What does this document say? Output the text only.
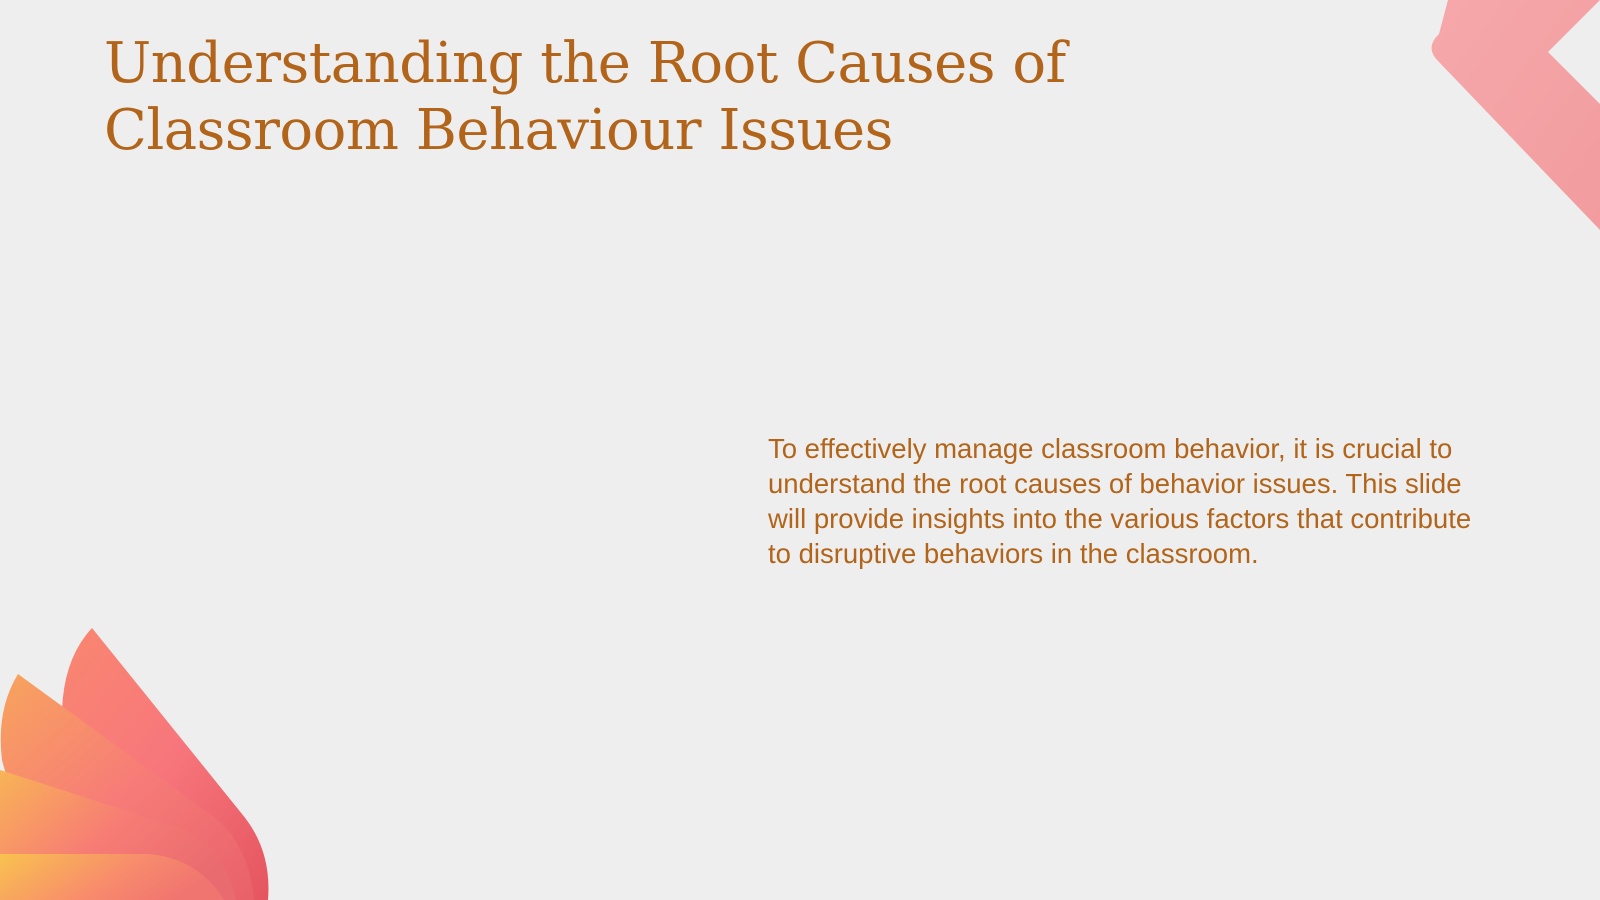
Understanding the Root Causes of Classroom Behaviour Issues

To effectively manage classroom behavior, it is crucial to understand the root causes of behavior issues. This slide will provide insights into the various factors that contribute to disruptive behaviors in the classroom.
